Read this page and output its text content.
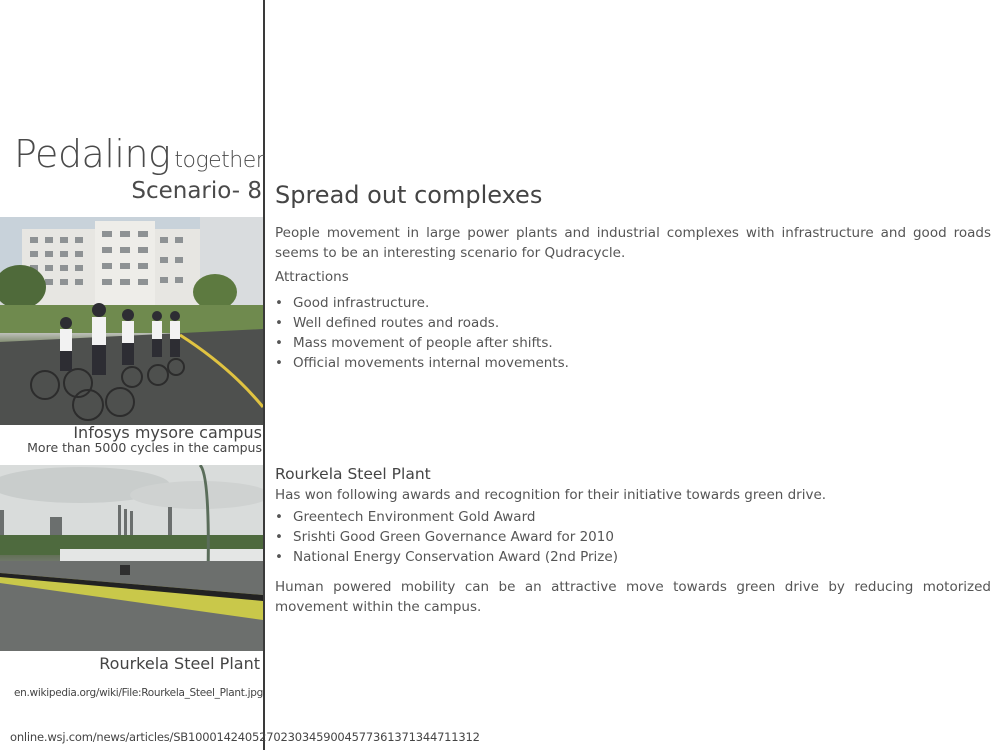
Pedaling together
Scenario- 8
Infosys mysore campus
More than 5000 cycles in the campus
Rourkela Steel Plant
en.wikipedia.org/wiki/File:Rourkela_Steel_Plant.jpg
online.wsj.com/news/articles/SB10001424052702303459004577361371344711312
Spread out complexes
People movement in large power plants and industrial complexes with infrastructure and good roads seems to be an interesting scenario for Qudracycle.
Attractions
• Good infrastructure.
• Well defined routes and roads.
• Mass movement of people after shifts.
• Official movements internal movements.
Rourkela Steel Plant
Has won following awards and recognition for their initiative towards green drive.
• Greentech Environment Gold Award
• Srishti Good Green Governance Award for 2010
• National Energy Conservation Award (2nd Prize)
Human powered mobility can be an attractive move towards green drive by reducing motorized movement within the campus.
